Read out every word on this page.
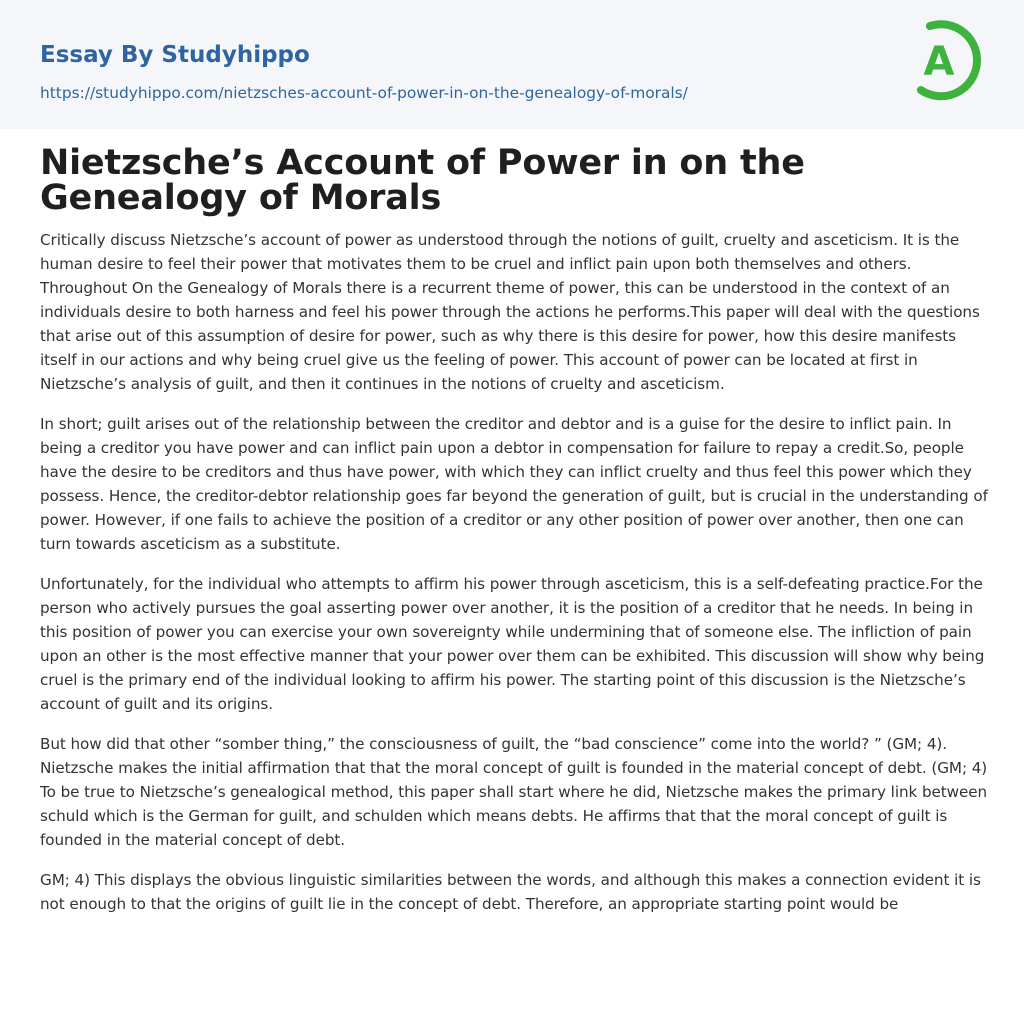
Essay By Studyhippo
https://studyhippo.com/nietzsches-account-of-power-in-on-the-genealogy-of-morals/
A
Nietzsche’s Account of Power in on the Genealogy of Morals

Critically discuss Nietzsche’s account of power as understood through the notions of guilt, cruelty and asceticism. It is the human desire to feel their power that motivates them to be cruel and inflict pain upon both themselves and others. Throughout On the Genealogy of Morals there is a recurrent theme of power, this can be understood in the context of an individuals desire to both harness and feel his power through the actions he performs.This paper will deal with the questions that arise out of this assumption of desire for power, such as why there is this desire for power, how this desire manifests itself in our actions and why being cruel give us the feeling of power. This account of power can be located at first in Nietzsche’s analysis of guilt, and then it continues in the notions of cruelty and asceticism.

In short; guilt arises out of the relationship between the creditor and debtor and is a guise for the desire to inflict pain. In being a creditor you have power and can inflict pain upon a debtor in compensation for failure to repay a credit.So, people have the desire to be creditors and thus have power, with which they can inflict cruelty and thus feel this power which they possess. Hence, the creditor-debtor relationship goes far beyond the generation of guilt, but is crucial in the understanding of power. However, if one fails to achieve the position of a creditor or any other position of power over another, then one can turn towards asceticism as a substitute.

Unfortunately, for the individual who attempts to affirm his power through asceticism, this is a self-defeating practice.For the person who actively pursues the goal asserting power over another, it is the position of a creditor that he needs. In being in this position of power you can exercise your own sovereignty while undermining that of someone else. The infliction of pain upon an other is the most effective manner that your power over them can be exhibited. This discussion will show why being cruel is the primary end of the individual looking to affirm his power. The starting point of this discussion is the Nietzsche’s account of guilt and its origins.

But how did that other “somber thing,” the consciousness of guilt, the “bad conscience” come into the world? ” (GM; 4). Nietzsche makes the initial affirmation that that the moral concept of guilt is founded in the material concept of debt. (GM; 4) To be true to Nietzsche’s genealogical method, this paper shall start where he did, Nietzsche makes the primary link between schuld which is the German for guilt, and schulden which means debts. He affirms that that the moral concept of guilt is founded in the material concept of debt.

GM; 4) This displays the obvious linguistic similarities between the words, and although this makes a connection evident it is not enough to that the origins of guilt lie in the concept of debt. Therefore, an appropriate starting point would be
